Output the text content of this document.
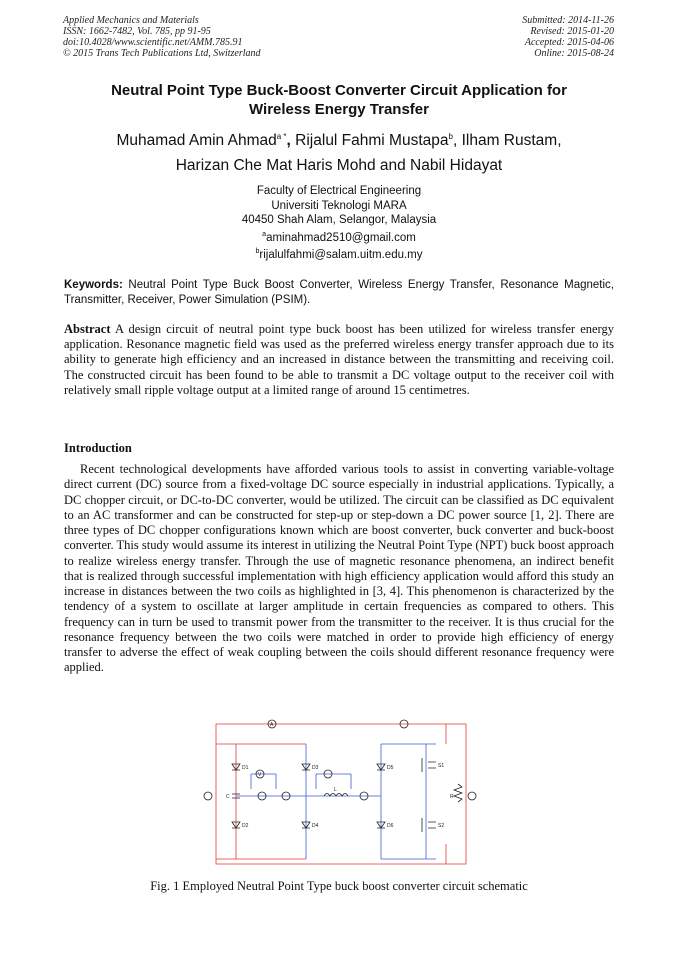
Applied Mechanics and Materials
ISSN: 1662-7482, Vol. 785, pp 91-95
doi:10.4028/www.scientific.net/AMM.785.91
© 2015 Trans Tech Publications Ltd, Switzerland
Submitted: 2014-11-26
Revised: 2015-01-20
Accepted: 2015-04-06
Online: 2015-08-24
Neutral Point Type Buck-Boost Converter Circuit Application for
Wireless Energy Transfer
Muhamad Amin Ahmad$^{a *}$, Rijalul Fahmi Mustapa$^b$, Ilham Rustam,
Harizan Che Mat Haris Mohd and Nabil Hidayat
Faculty of Electrical Engineering
Universiti Teknologi MARA
40450 Shah Alam, Selangor, Malaysia
$^a$aminahmad2510@gmail.com
$^b$rijalulfahmi@salam.uitm.edu.my
Keywords: Neutral Point Type Buck Boost Converter, Wireless Energy Transfer, Resonance Magnetic, Transmitter, Receiver, Power Simulation (PSIM).
Abstract A design circuit of neutral point type buck boost has been utilized for wireless transfer energy application. Resonance magnetic field was used as the preferred wireless energy transfer approach due to its ability to generate high efficiency and an increased in distance between the transmitting and receiving coil. The constructed circuit has been found to be able to transmit a DC voltage output to the receiver coil with relatively small ripple voltage output at a limited range of around 15 centimetres.
Introduction
Recent technological developments have afforded various tools to assist in converting variable-voltage direct current (DC) source from a fixed-voltage DC source especially in industrial applications. Typically, a DC chopper circuit, or DC-to-DC converter, would be utilized. The circuit can be classified as DC equivalent to an AC transformer and can be constructed for step-up or step-down a DC power source [1, 2]. There are three types of DC chopper configurations known which are boost converter, buck converter and buck-boost converter. This study would assume its interest in utilizing the Neutral Point Type (NPT) buck boost approach to realize wireless energy transfer. Through the use of magnetic resonance phenomena, an indirect benefit that is realized through successful implementation with high efficiency application would afford this study an increase in distances between the two coils as highlighted in [3, 4]. This phenomenon is characterized by the tendency of a system to oscillate at larger amplitude in certain frequencies as compared to others. This frequency can in turn be used to transmit power from the transmitter to the receiver. It is thus crucial for the resonance frequency between the two coils were matched in order to provide high efficiency of energy transfer to adverse the effect of weak coupling between the coils should different resonance frequency were applied.
D1
D2
D3
D4
D5
D6
S1
S2
C
L
R
A
V
Fig. 1 Employed Neutral Point Type buck boost converter circuit schematic
